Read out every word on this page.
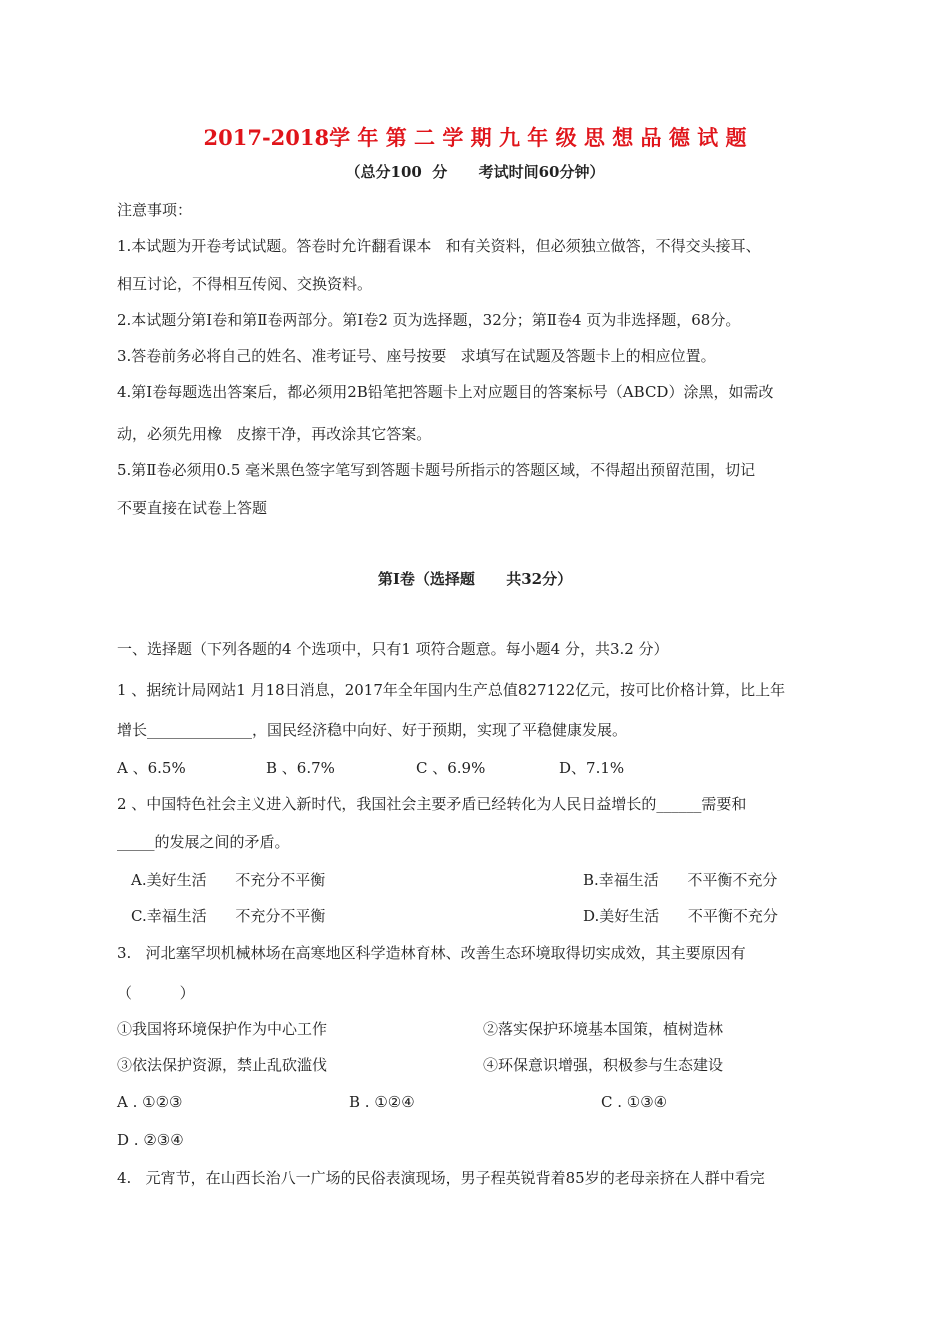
2017-2018学 年 第 二 学 期 九 年 级 思 想 品 德 试 题
（总分100  分      考试时间60分钟）
注意事项：
1.本试题为开卷考试试题。答卷时允许翻看课本   和有关资料，但必须独立做答，不得交头接耳、
相互讨论，不得相互传阅、交换资料。
2.本试题分第Ⅰ卷和第Ⅱ卷两部分。第Ⅰ卷2 页为选择题，32分；第Ⅱ卷4 页为非选择题，68分。
3.答卷前务必将自己的姓名、准考证号、座号按要   求填写在试题及答题卡上的相应位置。
4.第Ⅰ卷每题选出答案后，都必须用2B铅笔把答题卡上对应题目的答案标号（ABCD）涂黑，如需改
动，必须先用橡   皮擦干净，再改涂其它答案。
5.第Ⅱ卷必须用0.5 毫米黑色签字笔写到答题卡题号所指示的答题区域，不得超出预留范围，切记
不要直接在试卷上答题
第Ⅰ卷（选择题      共32分）
一、选择题（下列各题的4 个选项中，只有1 项符合题意。每小题4 分，共3.2 分）
1 、据统计局网站1 月18日消息，2017年全年国内生产总值827122亿元，按可比价格计算，比上年
增长______________，国民经济稳中向好、好于预期，实现了平稳健康发展。
A 、6.5%	B 、6.7%	C 、6.9%	D、7.1%
2 、中国特色社会主义进入新时代，我国社会主要矛盾已经转化为人民日益增长的______需要和
_____的发展之间的矛盾。
A.美好生活      不充分不平衡	B.幸福生活      不平衡不充分
C.幸福生活      不充分不平衡	D.美好生活      不平衡不充分
3.   河北塞罕坝机械林场在高寒地区科学造林育林、改善生态环境取得切实成效，其主要原因有
（          ）
①我国将环境保护作为中心工作	②落实保护环境基本国策，植树造林
③依法保护资源，禁止乱砍滥伐	④环保意识增强，积极参与生态建设
A . ①②③	B . ①②④	C . ①③④
D . ②③④
4.   元宵节，在山西长治八一广场的民俗表演现场，男子程英锐背着85岁的老母亲挤在人群中看完
